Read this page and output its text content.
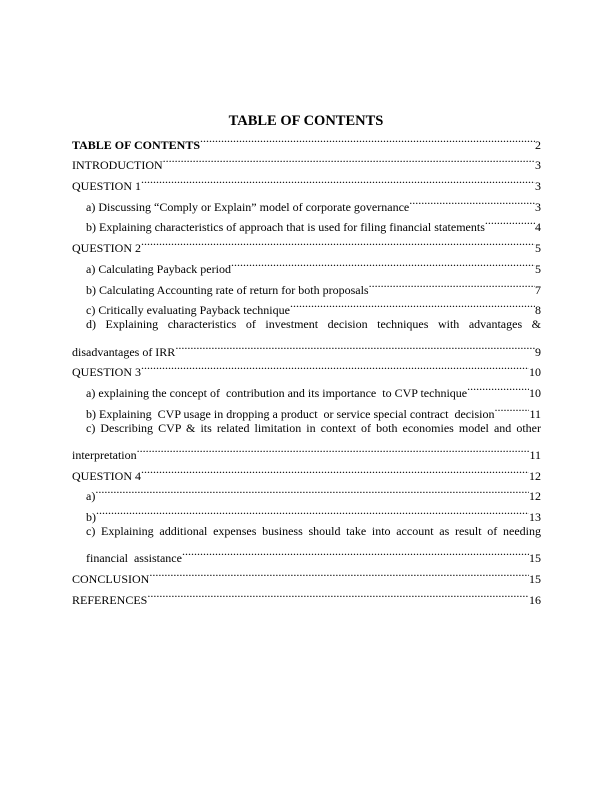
TABLE OF CONTENTS
TABLE OF CONTENTS .....	2
INTRODUCTION .....	3
QUESTION 1 .....	3
a) Discussing “Comply or Explain” model of corporate governance .....	3
b) Explaining characteristics of approach that is used for filing financial statements .....	4
QUESTION 2 .....	5
a) Calculating Payback period .....	5
b) Calculating Accounting rate of return for both proposals .....	7
c) Critically evaluating Payback technique .....	8
d) Explaining characteristics of investment decision techniques with advantages &
disadvantages of IRR .....	9
QUESTION 3 .....	10
a) explaining the concept of  contribution and its importance  to CVP technique .....	10
b) Explaining  CVP usage in dropping a product  or service special contract  decision .....	11
c) Describing CVP & its related limitation in context of both economies model and other
interpretation .....	11
QUESTION 4 .....	12
a) .....	12
b) .....	13
c) Explaining additional expenses business should take into account as result of needing
financial  assistance .....	15
CONCLUSION .....	15
REFERENCES .....	16
